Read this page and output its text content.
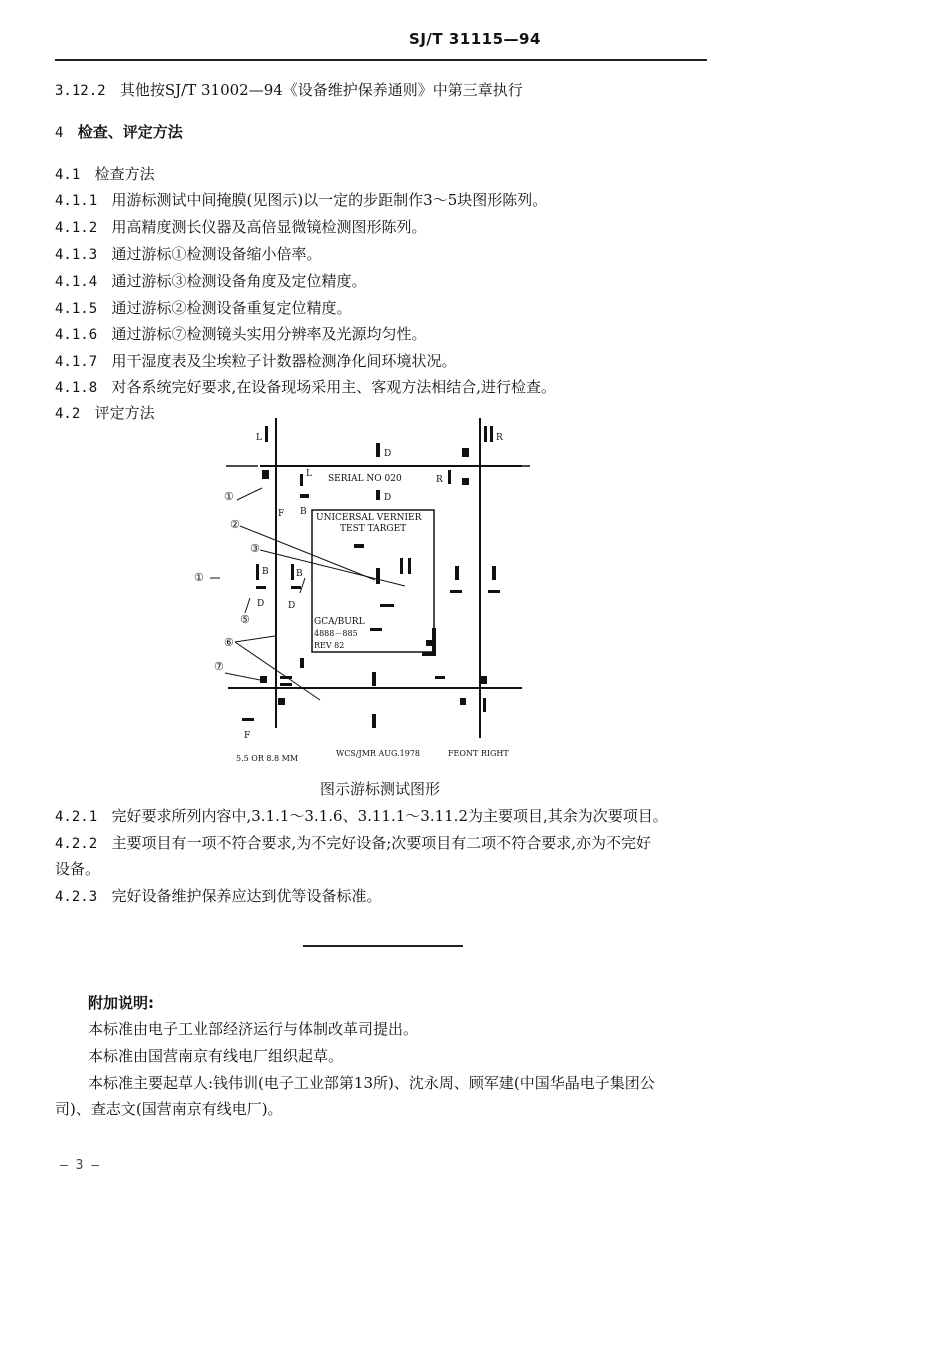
SJ/T 31115—94
3.12.2 其他按SJ/T 31002—94《设备维护保养通则》中第三章执行
4 检查、评定方法
4.1 检查方法
4.1.1 用游标测试中间掩膜(见图示)以一定的步距制作3～5块图形陈列。
4.1.2 用高精度测长仪器及高倍显微镜检测图形陈列。
4.1.3 通过游标①检测设备缩小倍率。
4.1.4 通过游标③检测设备角度及定位精度。
4.1.5 通过游标②检测设备重复定位精度。
4.1.6 通过游标⑦检测镜头实用分辨率及光源均匀性。
4.1.7 用干湿度表及尘埃粒子计数器检测净化间环境状况。
4.1.8 对各系统完好要求,在设备现场采用主、客观方法相结合,进行检查。
4.2 评定方法
L	R
D
L
R
F B
D
B	B
D	D
F
SERIAL NO 020
UNICERSAL VERNIER
TEST TARGET
GCA/BURL
4888－885
REV 82
5.5 OR 8.8 MM
WCS/JMR AUG.1978	FEONT RIGHT
①
②
③
①
⑤
⑥
⑦
图示游标测试图形
4.2.1 完好要求所列内容中,3.1.1～3.1.6、3.11.1～3.11.2为主要项目,其余为次要项目。
4.2.2 主要项目有一项不符合要求,为不完好设备;次要项目有二项不符合要求,亦为不完好
设备。
4.2.3 完好设备维护保养应达到优等设备标准。
附加说明:
本标准由电子工业部经济运行与体制改革司提出。
本标准由国营南京有线电厂组织起草。
本标准主要起草人:钱伟训(电子工业部第13所)、沈永周、顾军建(中国华晶电子集团公
司)、查志文(国营南京有线电厂)。
— 3 —
